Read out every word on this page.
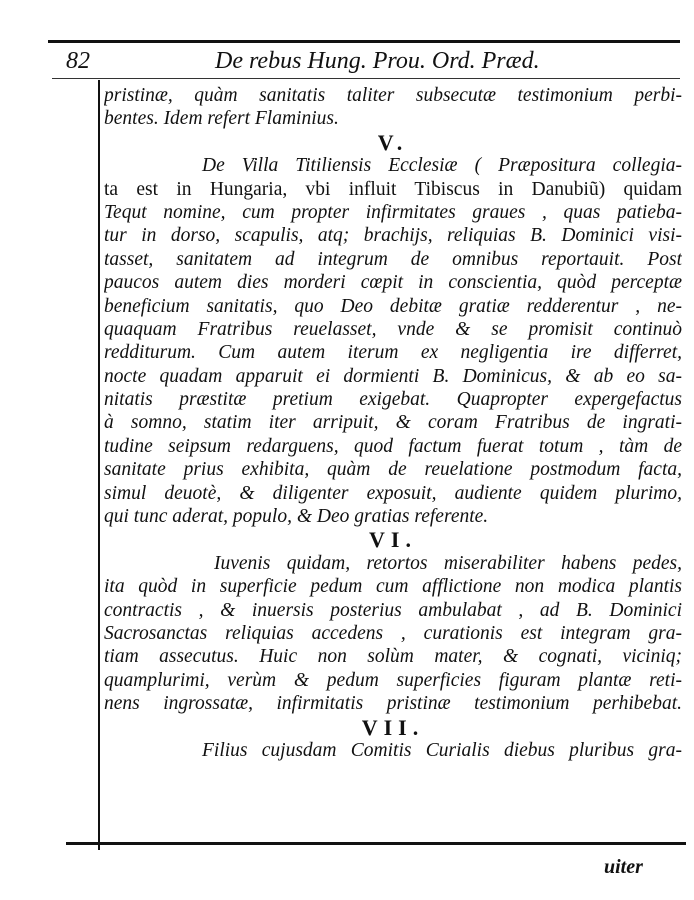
82	De rebus Hung. Prou. Ord. Præd.
pristinæ, quàm sanitatis taliter subsecutæ testimonium perbi-
bentes. Idem refert Flaminius.
V.
De Villa Titiliensis Ecclesiæ ( Præpositura collegia-
ta est in Hungaria, vbi influit Tibiscus in Danubiũ) quidam
Tequt nomine, cum propter infirmitates graues , quas patieba-
tur in dorso, scapulis, atq; brachijs, reliquias B. Dominici visi-
tasset, sanitatem ad integrum de omnibus reportauit. Post
paucos autem dies morderi cœpit in conscientia, quòd perceptæ
beneficium sanitatis, quo Deo debitæ gratiæ redderentur , ne-
quaquam Fratribus reuelasset, vnde & se promisit continuò
redditurum. Cum autem iterum ex negligentia ire differret,
nocte quadam apparuit ei dormienti B. Dominicus, & ab eo sa-
nitatis præstitæ pretium exigebat. Quapropter expergefactus
à somno, statim iter arripuit, & coram Fratribus de ingrati-
tudine seipsum redarguens, quod factum fuerat totum , tàm de
sanitate prius exhibita, quàm de reuelatione postmodum facta,
simul deuotè, & diligenter exposuit, audiente quidem plurimo,
qui tunc aderat, populo, & Deo gratias referente.
VI.
Iuvenis quidam, retortos miserabiliter habens pedes,
ita quòd in superficie pedum cum afflictione non modica plantis
contractis , & inuersis posterius ambulabat , ad B. Dominici
Sacrosanctas reliquias accedens , curationis est integram gra-
tiam assecutus. Huic non solùm mater, & cognati, viciniq;
quamplurimi, verùm & pedum superficies figuram plantæ reti-
nens ingrossatæ, infirmitatis pristinæ testimonium perhibebat.
VII.
Filius cujusdam Comitis Curialis diebus pluribus gra-
uiter
